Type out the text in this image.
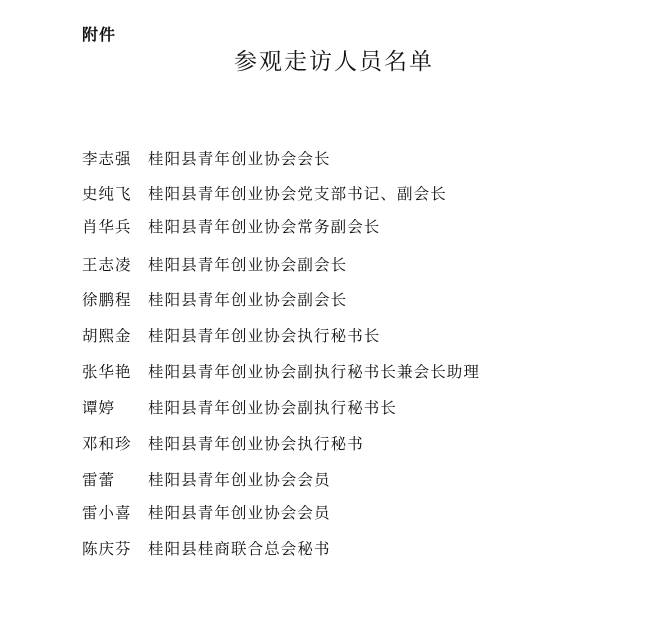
附件
参观走访人员名单
李志强	桂阳县青年创业协会会长
史纯飞	桂阳县青年创业协会党支部书记、副会长
肖华兵	桂阳县青年创业协会常务副会长
王志凌	桂阳县青年创业协会副会长
徐鹏程	桂阳县青年创业协会副会长
胡熙金	桂阳县青年创业协会执行秘书长
张华艳	桂阳县青年创业协会副执行秘书长兼会长助理
谭婷	桂阳县青年创业协会副执行秘书长
邓和珍	桂阳县青年创业协会执行秘书
雷蕾	桂阳县青年创业协会会员
雷小喜	桂阳县青年创业协会会员
陈庆芬	桂阳县桂商联合总会秘书
